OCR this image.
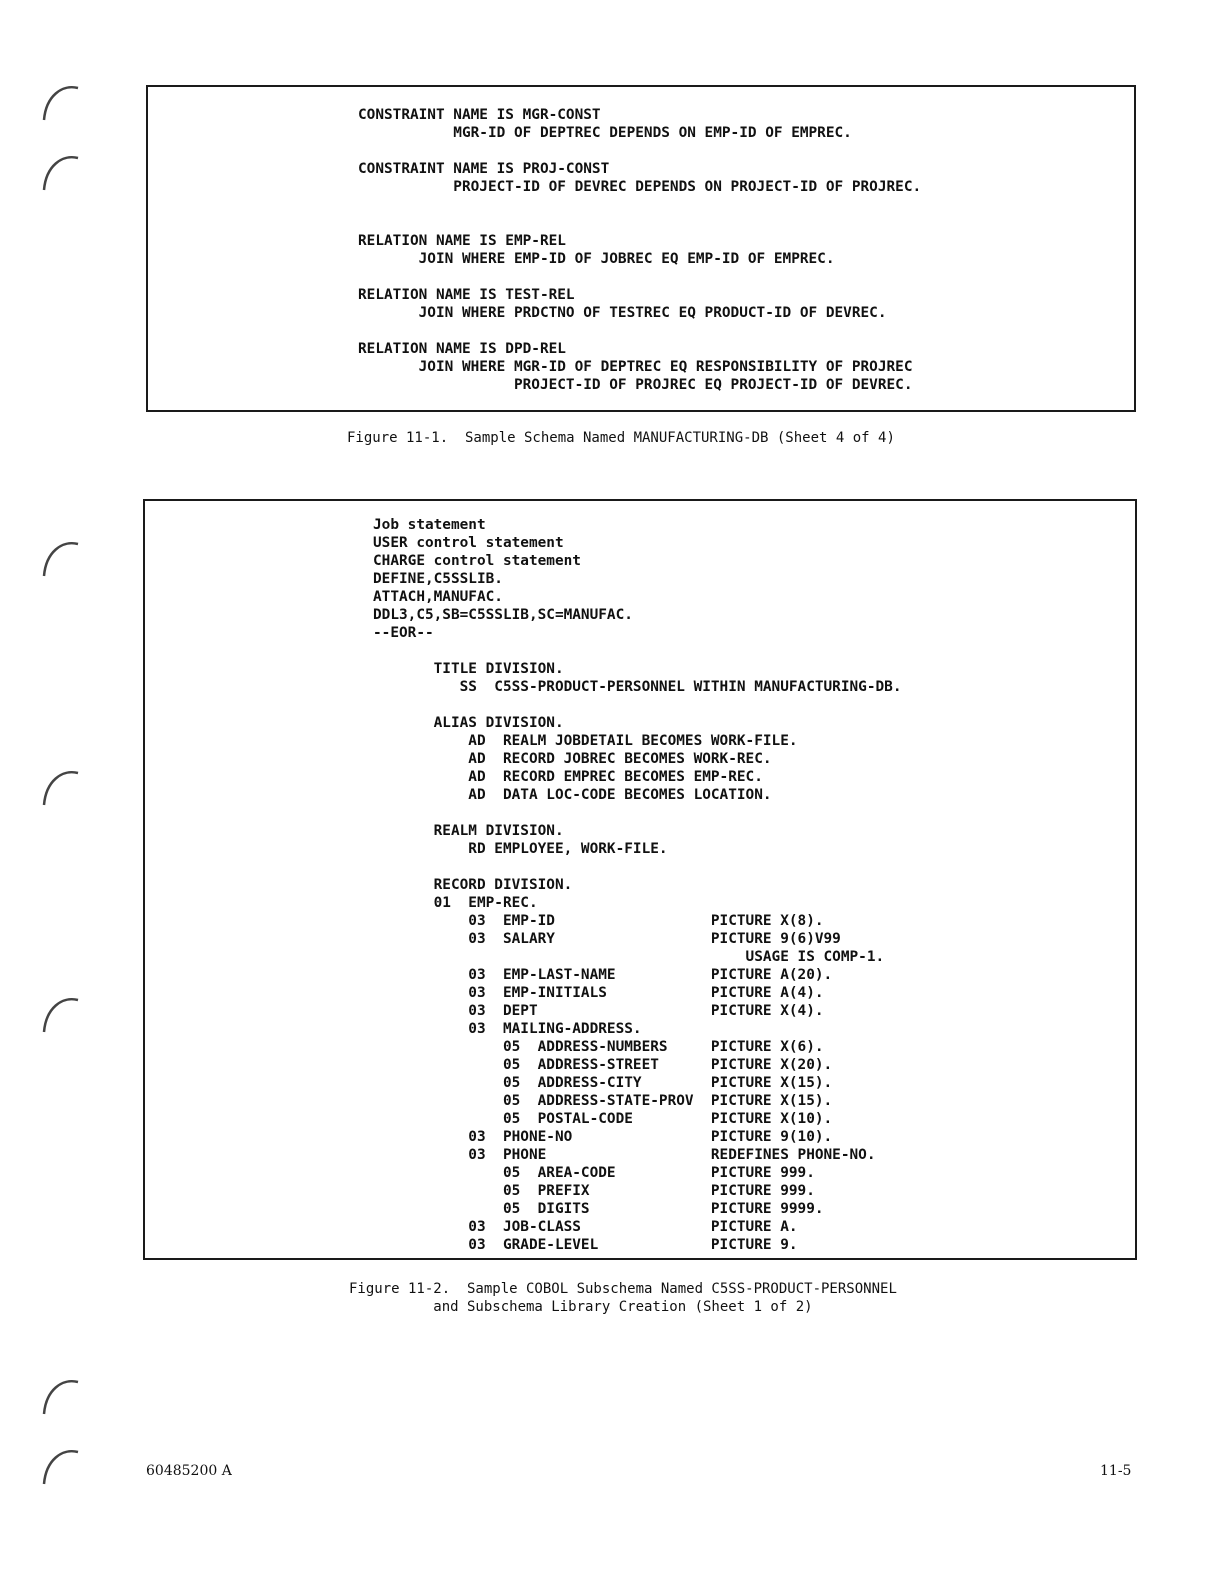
CONSTRAINT NAME IS MGR-CONST
MGR-ID OF DEPTREC DEPENDS ON EMP-ID OF EMPREC.

CONSTRAINT NAME IS PROJ-CONST
PROJECT-ID OF DEVREC DEPENDS ON PROJECT-ID OF PROJREC.

RELATION NAME IS EMP-REL
JOIN WHERE EMP-ID OF JOBREC EQ EMP-ID OF EMPREC.

RELATION NAME IS TEST-REL
JOIN WHERE PRDCTNO OF TESTREC EQ PRODUCT-ID OF DEVREC.

RELATION NAME IS DPD-REL
JOIN WHERE MGR-ID OF DEPTREC EQ RESPONSIBILITY OF PROJREC
PROJECT-ID OF PROJREC EQ PROJECT-ID OF DEVREC.
Figure 11-1.  Sample Schema Named MANUFACTURING-DB (Sheet 4 of 4)
Job statement
USER control statement
CHARGE control statement
DEFINE,C5SSLIB.
ATTACH,MANUFAC.
DDL3,C5,SB=C5SSLIB,SC=MANUFAC.
--EOR--

TITLE DIVISION.
SS  C5SS-PRODUCT-PERSONNEL WITHIN MANUFACTURING-DB.

ALIAS DIVISION.
AD  REALM JOBDETAIL BECOMES WORK-FILE.
AD  RECORD JOBREC BECOMES WORK-REC.
AD  RECORD EMPREC BECOMES EMP-REC.
AD  DATA LOC-CODE BECOMES LOCATION.

REALM DIVISION.
RD EMPLOYEE, WORK-FILE.

RECORD DIVISION.
01  EMP-REC.
03  EMP-ID                  PICTURE X(8).
03  SALARY                  PICTURE 9(6)V99
USAGE IS COMP-1.
03  EMP-LAST-NAME           PICTURE A(20).
03  EMP-INITIALS            PICTURE A(4).
03  DEPT                    PICTURE X(4).
03  MAILING-ADDRESS.
05  ADDRESS-NUMBERS     PICTURE X(6).
05  ADDRESS-STREET      PICTURE X(20).
05  ADDRESS-CITY        PICTURE X(15).
05  ADDRESS-STATE-PROV  PICTURE X(15).
05  POSTAL-CODE         PICTURE X(10).
03  PHONE-NO                PICTURE 9(10).
03  PHONE                   REDEFINES PHONE-NO.
05  AREA-CODE           PICTURE 999.
05  PREFIX              PICTURE 999.
05  DIGITS              PICTURE 9999.
03  JOB-CLASS               PICTURE A.
03  GRADE-LEVEL             PICTURE 9.
Figure 11-2.  Sample COBOL Subschema Named C5SS-PRODUCT-PERSONNEL
and Subschema Library Creation (Sheet 1 of 2)
60485200 A	11-5
